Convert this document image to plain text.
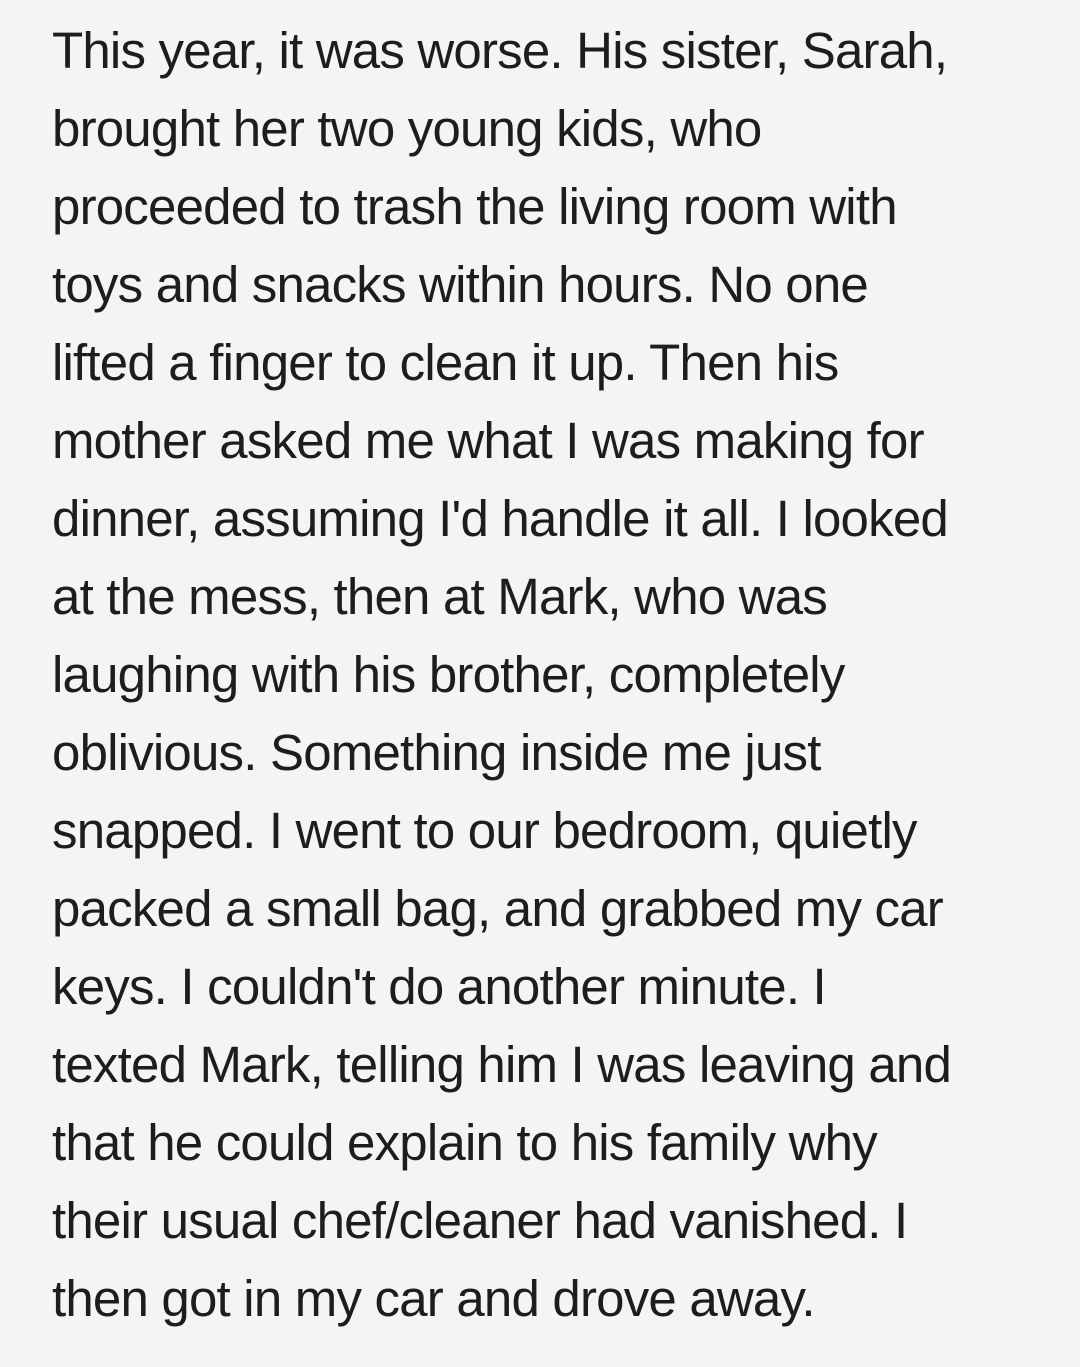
This year, it was worse. His sister, Sarah,

brought her two young kids, who

proceeded to trash the living room with

toys and snacks within hours. No one

lifted a finger to clean it up. Then his

mother asked me what I was making for

dinner, assuming I'd handle it all. I looked

at the mess, then at Mark, who was

laughing with his brother, completely

oblivious. Something inside me just

snapped. I went to our bedroom, quietly

packed a small bag, and grabbed my car

keys. I couldn't do another minute. I

texted Mark, telling him I was leaving and

that he could explain to his family why

their usual chef/cleaner had vanished. I

then got in my car and drove away.
